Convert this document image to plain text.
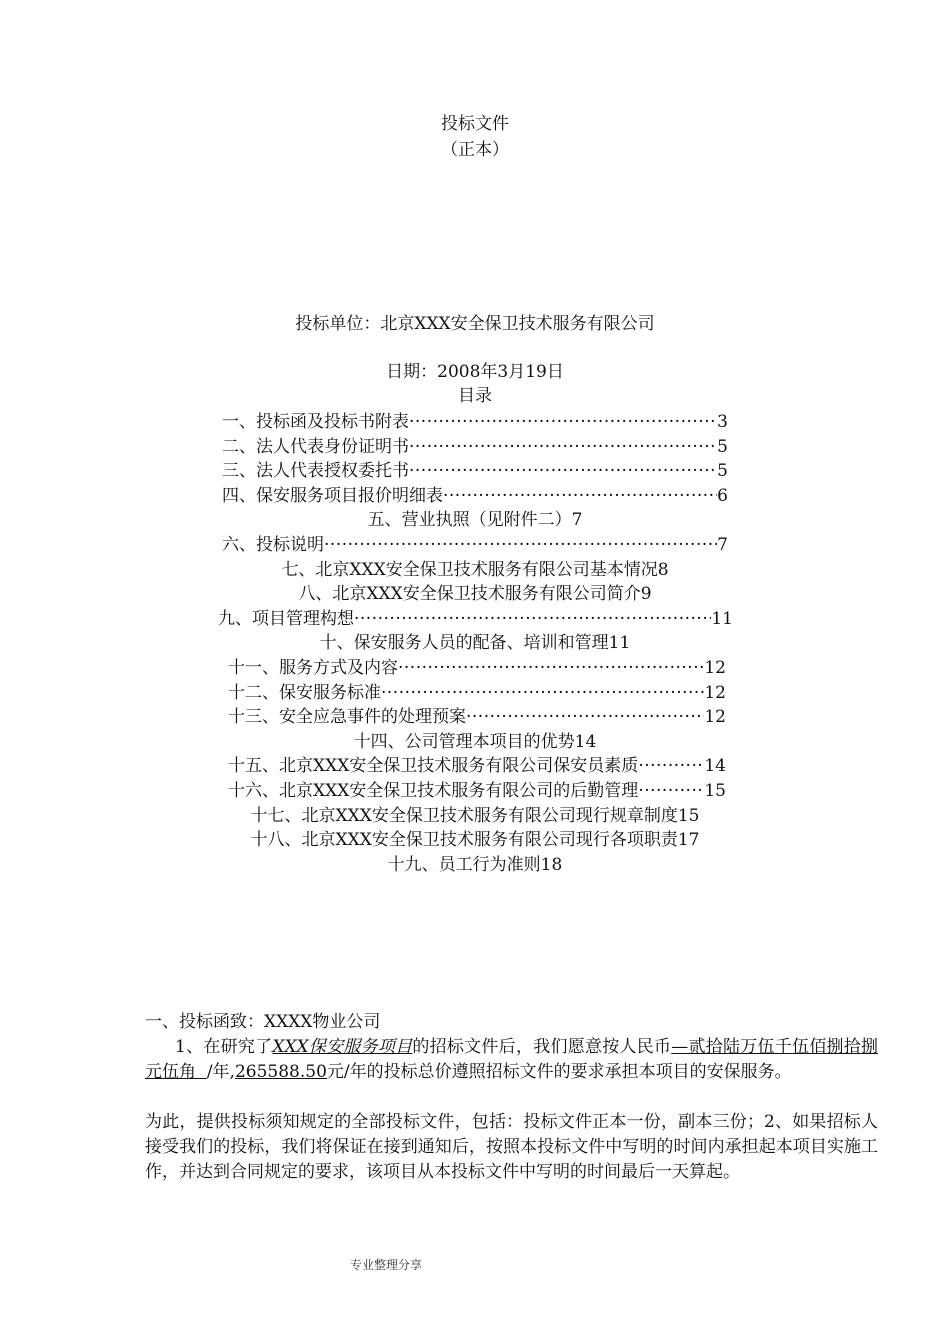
投标文件
（正本）
投标单位：北京XXX安全保卫技术服务有限公司
日期：2008年3月19日
目录
一、投标函及投标书附表 ·····	3
二、法人代表身份证明书 ·····	5
三、法人代表授权委托书 ·····	5
四、保安服务项目报价明细表 ·····	6
五、营业执照（见附件二）7
六、投标说明 ·····	7
七、北京XXX安全保卫技术服务有限公司基本情况8
八、北京XXX安全保卫技术服务有限公司简介9
九、项目管理构想 ·····	11
十、保安服务人员的配备、培训和管理11
十一、服务方式及内容 ·····	12
十二、保安服务标准 ·····	12
十三、安全应急事件的处理预案 ·····	12
十四、公司管理本项目的优势14
十五、北京XXX安全保卫技术服务有限公司保安员素质 ·····	14
十六、北京XXX安全保卫技术服务有限公司的后勤管理 ·····	15
十七、北京XXX安全保卫技术服务有限公司现行规章制度15
十八、北京XXX安全保卫技术服务有限公司现行各项职责17
十九、员工行为准则18
一、投标函致：XXXX物业公司
1、在研究了XXX保安服务项目的招标文件后，我们愿意按人民币—贰拾陆万伍千伍佰捌拾捌元伍角 /年,265588.50元/年的投标总价遵照招标文件的要求承担本项目的安保服务。
为此，提供投标须知规定的全部投标文件，包括：投标文件正本一份，副本三份；2、如果招标人接受我们的投标，我们将保证在接到通知后，按照本投标文件中写明的时间内承担起本项目实施工作，并达到合同规定的要求，该项目从本投标文件中写明的时间最后一天算起。
专业整理分享
